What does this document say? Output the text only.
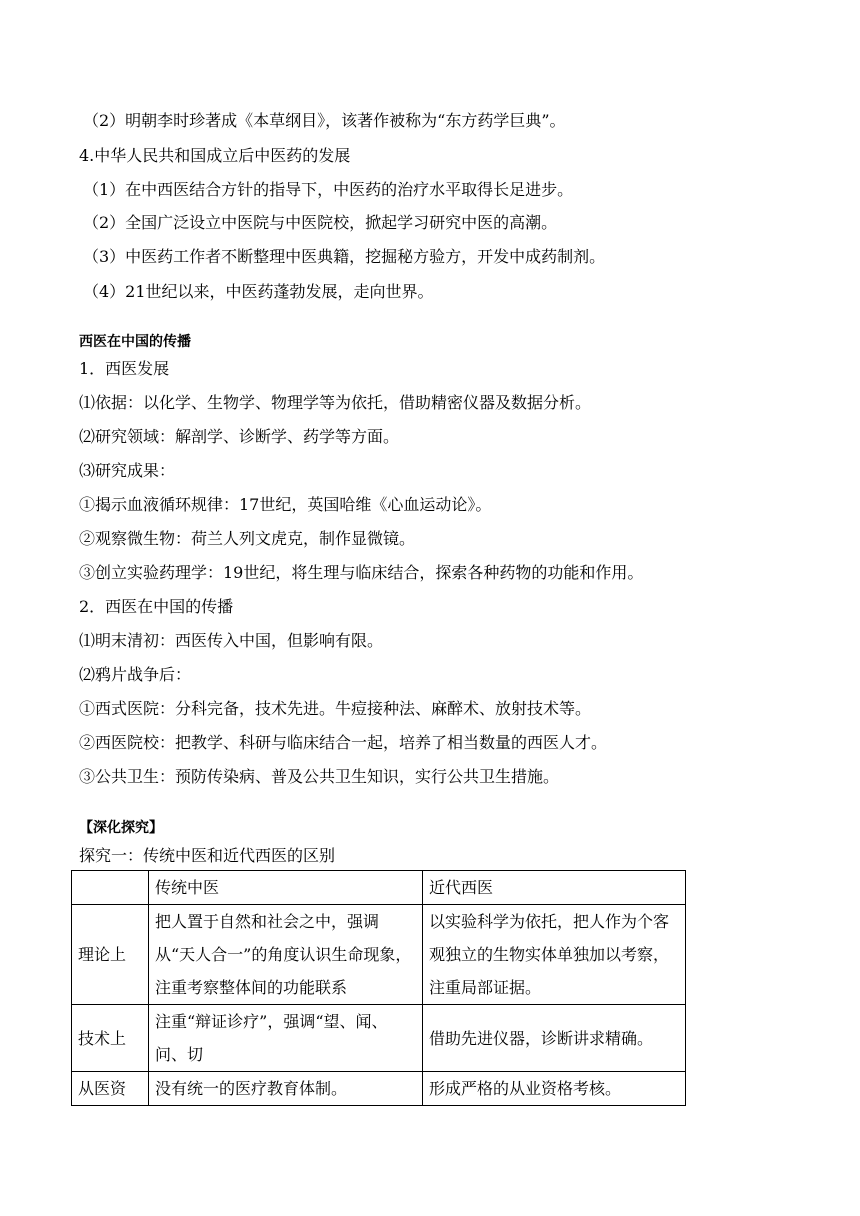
（2）明朝李时珍著成《本草纲目》，该著作被称为“东方药学巨典”。
4.中华人民共和国成立后中医药的发展
（1）在中西医结合方针的指导下，中医药的治疗水平取得长足进步。
（2）全国广泛设立中医院与中医院校，掀起学习研究中医的高潮。
（3）中医药工作者不断整理中医典籍，挖掘秘方验方，开发中成药制剂。
（4）21世纪以来，中医药蓬勃发展，走向世界。
西医在中国的传播
1．西医发展
⑴依据：以化学、生物学、物理学等为依托，借助精密仪器及数据分析。
⑵研究领域：解剖学、诊断学、药学等方面。
⑶研究成果：
①揭示血液循环规律：17世纪，英国哈维《心血运动论》。
②观察微生物：荷兰人列文虎克，制作显微镜。
③创立实验药理学：19世纪，将生理与临床结合，探索各种药物的功能和作用。
2．西医在中国的传播
⑴明末清初：西医传入中国，但影响有限。
⑵鸦片战争后：
①西式医院：分科完备，技术先进。牛痘接种法、麻醉术、放射技术等。
②西医院校：把教学、科研与临床结合一起，培养了相当数量的西医人才。
③公共卫生：预防传染病、普及公共卫生知识，实行公共卫生措施。
【深化探究】
探究一：传统中医和近代西医的区别
	传统中医	近代西医
理论上	把人置于自然和社会之中，强调从“天人合一”的角度认识生命现象，注重考察整体间的功能联系	以实验科学为依托，把人作为个客观独立的生物实体单独加以考察，注重局部证据。
技术上	注重“辩证诊疗”，强调“望、闻、问、切	借助先进仪器，诊断讲求精确。
从医资	没有统一的医疗教育体制。	形成严格的从业资格考核。
